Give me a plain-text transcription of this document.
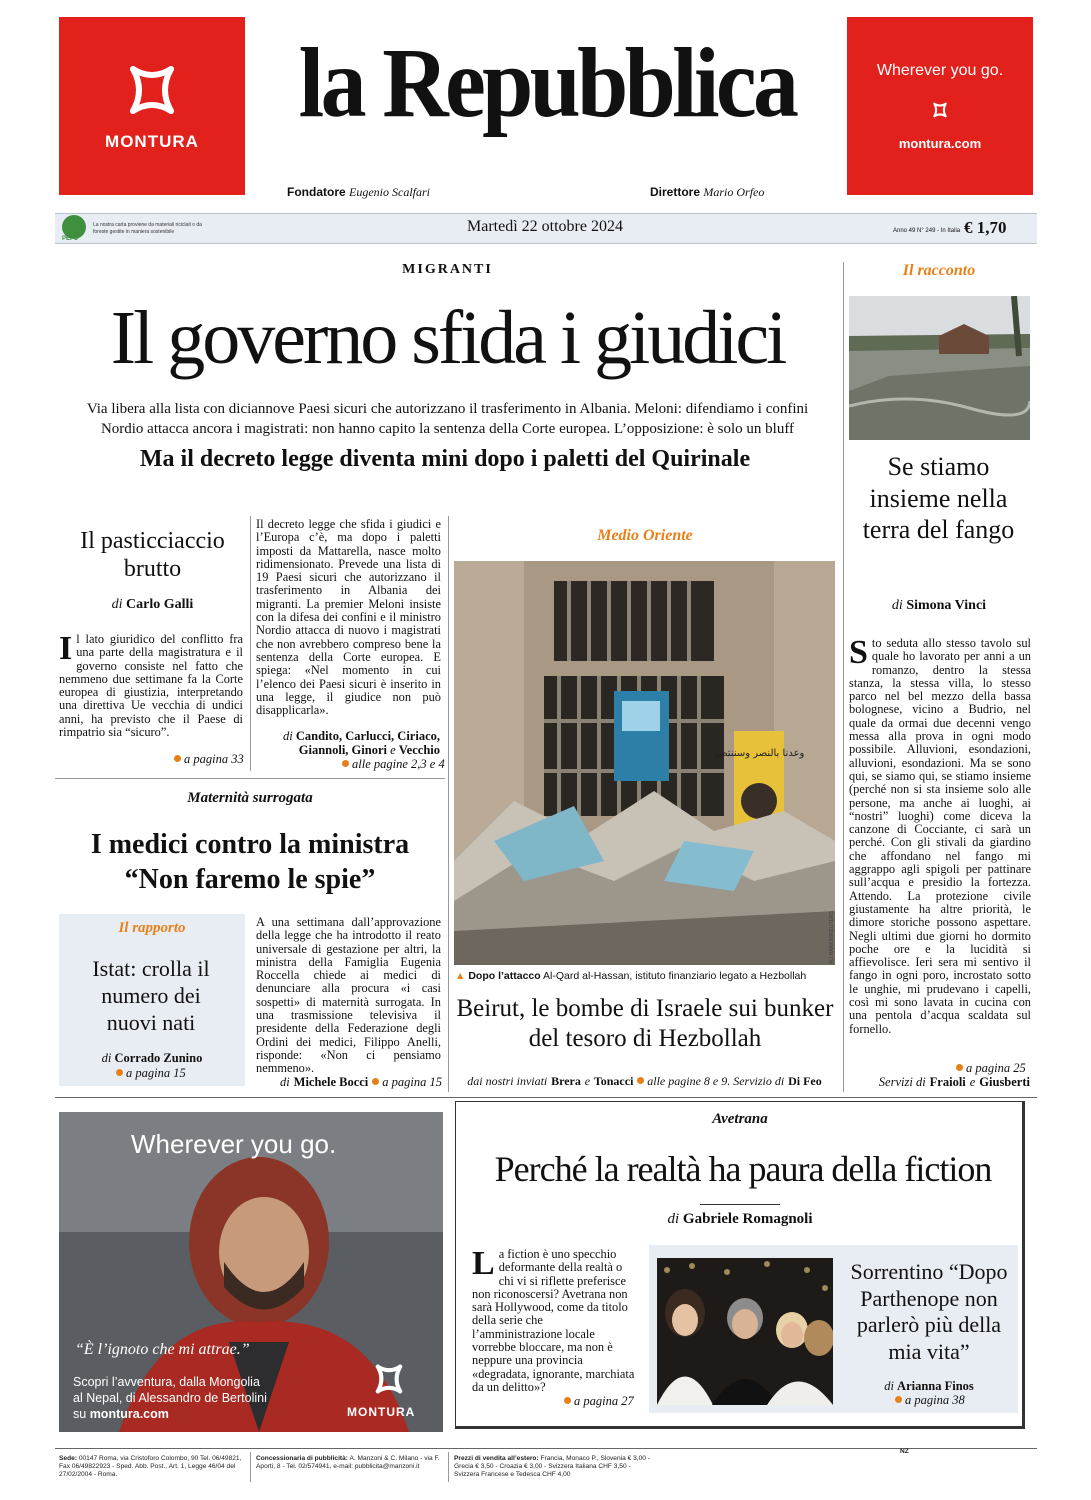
MONTURA
la Repubblica
Fondatore Eugenio Scalfari	Direttore Mario Orfeo
Wherever you go.
montura.com
PEFC
La nostra carta proviene da materiali riciclati o da foreste gestite in maniera sostenibile	Martedì 22 ottobre 2024	Anno 49 N° 249 - In Italia € 1,70
MIGRANTI
Il governo sfida i giudici
Via libera alla lista con diciannove Paesi sicuri che autorizzano il trasferimento in Albania. Meloni: difendiamo i confini
Nordio attacca ancora i magistrati: non hanno capito la sentenza della Corte europea. L’opposizione: è solo un bluff
Ma il decreto legge diventa mini dopo i paletti del Quirinale
Il pasticciaccio brutto
di Carlo Galli
Il lato giuridico del conflitto fra una parte della magistratura e il governo consiste nel fatto che nemmeno due settimane fa la Corte europea di giustizia, interpretando una direttiva Ue vecchia di undici anni, ha previsto che il Paese di rimpatrio sia “sicuro”.
a pagina 33
Il decreto legge che sfida i giudici e l’Europa c’è, ma dopo i paletti imposti da Mattarella, nasce molto ridimensionato. Prevede una lista di 19 Paesi sicuri che autorizzano il trasferimento in Albania dei migranti. La premier Meloni insiste con la difesa dei confini e il ministro Nordio attacca di nuovo i magistrati che non avrebbero compreso bene la sentenza della Corte europea. E spiega: «Nel momento in cui l’elenco dei Paesi sicuri è inserito in una legge, il giudice non può disapplicarla».
di Candito, Carlucci, Ciriaco,
Giannoli, Ginori e Vecchio
alle pagine 2,3 e 4
Maternità surrogata
I medici contro la ministra “Non faremo le spie”
Il rapporto
Istat: crolla il numero dei nuovi nati
di Corrado Zunino
a pagina 15
A una settimana dall’approvazione della legge che ha introdotto il reato universale di gestazione per altri, la ministra della Famiglia Eugenia Roccella chiede ai medici di denunciare alla procura «i casi sospetti» di maternità surrogata. In una trasmissione televisiva il presidente della Federazione degli Ordini dei medici, Filippo Anelli, risponde: «Non ci pensiamo nemmeno».
di Michele Bocci a pagina 15
Medio Oriente
وعدنا بالنصر وسننتصر
ALI HANKIR/REUTERS
▲ Dopo l’attacco Al-Qard al-Hassan, istituto finanziario legato a Hezbollah
Beirut, le bombe di Israele sui bunker del tesoro di Hezbollah
dai nostri inviati Brera e Tonacci alle pagine 8 e 9. Servizio di Di Feo
Il racconto
Se stiamo insieme nella terra del fango
di Simona Vinci
Sto seduta allo stesso tavolo sul quale ho lavorato per anni a un romanzo, dentro la stessa stanza, la stessa villa, lo stesso parco nel bel mezzo della bassa bolognese, vicino a Budrio, nel quale da ormai due decenni vengo messa alla prova in ogni modo possibile. Alluvioni, esondazioni, alluvioni, esondazioni. Ma se sono qui, se siamo qui, se stiamo insieme (perché non si sta insieme solo alle persone, ma anche ai luoghi, ai “nostri” luoghi) come diceva la canzone di Cocciante, ci sarà un perché. Con gli stivali da giardino che affondano nel fango mi aggrappo agli spigoli per pattinare sull’acqua e presidio la fortezza. Attendo. La protezione civile giustamente ha altre priorità, le dimore storiche possono aspettare. Negli ultimi due giorni ho dormito poche ore e la lucidità si affievolisce. Ieri sera mi sentivo il fango in ogni poro, incrostato sotto le unghie, mi prudevano i capelli, così mi sono lavata in cucina con una pentola d’acqua scaldata sul fornello.
a pagina 25
Servizi di Fraioli e Giusberti
Wherever you go.
“È l’ignoto che mi attrae.”
Scopri l’avventura, dalla Mongolia
al Nepal, di Alessandro de Bertolini
su montura.com	MONTURA
Avetrana
Perché la realtà ha paura della fiction
di Gabriele Romagnoli
La fiction è uno specchio deformante della realtà o chi vi si riflette preferisce non riconoscersi? Avetrana non sarà Hollywood, come da titolo della serie che l’amministrazione locale vorrebbe bloccare, ma non è neppure una provincia «degradata, ignorante, marchiata da un delitto»?
a pagina 27
Sorrentino “Dopo Parthenope non parlerò più della mia vita”
di Arianna Finos
a pagina 38
Sede: 00147 Roma, via Cristoforo Colombo, 90 Tel. 06/49821, Fax 06/49822923 - Sped. Abb. Post., Art. 1, Legge 46/04 del 27/02/2004 - Roma.
Concessionaria di pubblicità: A. Manzoni & C. Milano - via F. Aporti, 8 - Tel. 02/574941, e-mail: pubblicita@manzoni.it
Prezzi di vendita all’estero: Francia, Monaco P., Slovenia € 3,00 - Grecia € 3,50 - Croazia € 3,00 - Svizzera Italiana CHF 3,50 - Svizzera Francese e Tedesca CHF 4,00
NZ
